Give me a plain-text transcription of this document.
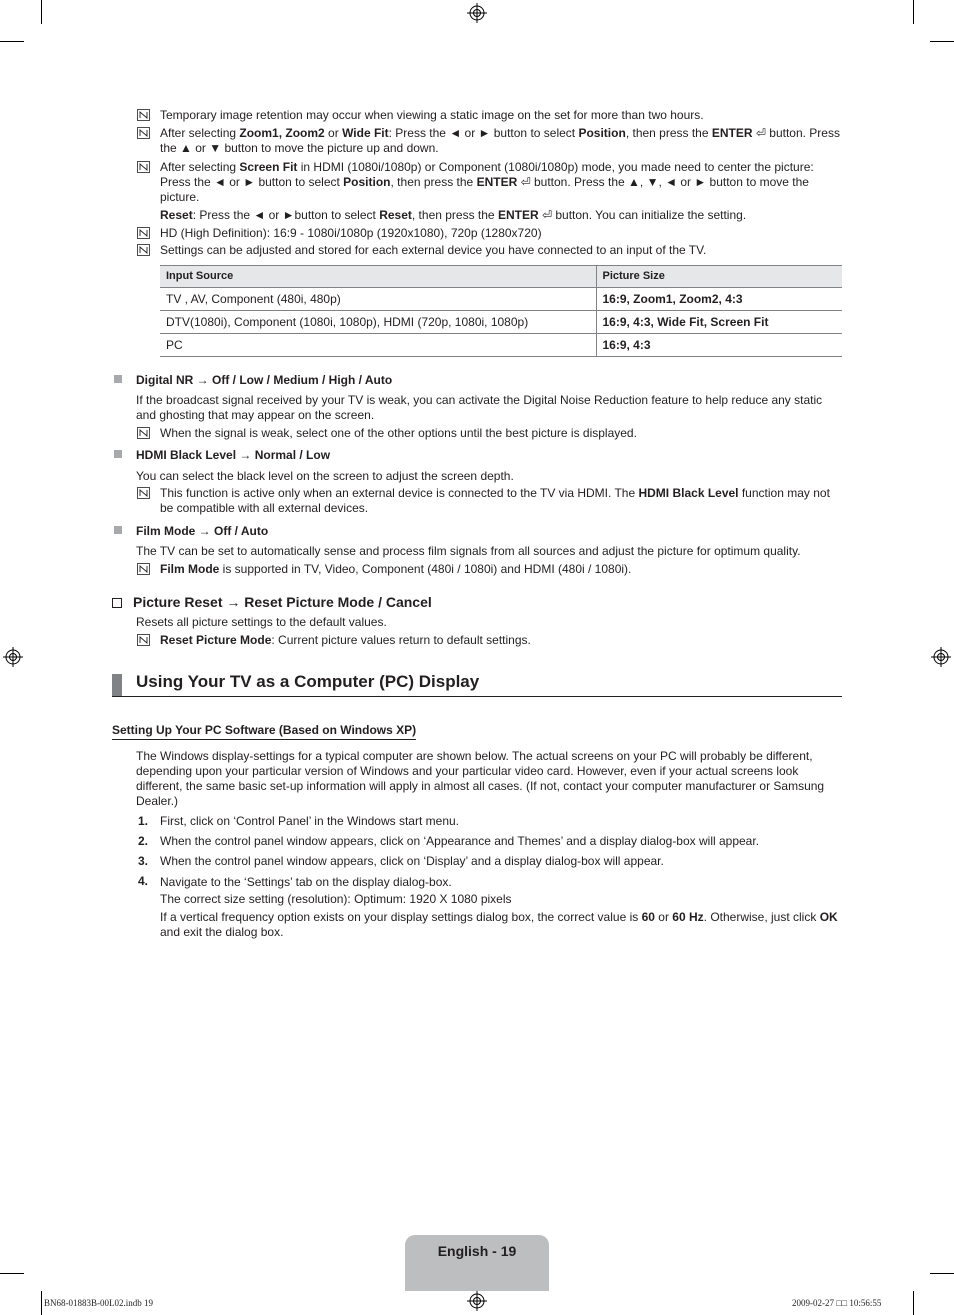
Temporary image retention may occur when viewing a static image on the set for more than two hours.
After selecting Zoom1, Zoom2 or Wide Fit: Press the ◄ or ► button to select Position, then press the ENTER ⏎ button. Press the ▲ or ▼ button to move the picture up and down.
After selecting Screen Fit in HDMI (1080i/1080p) or Component (1080i/1080p) mode, you made need to center the picture: Press the ◄ or ► button to select Position, then press the ENTER ⏎ button. Press the ▲, ▼, ◄ or ► button to move the picture.
Reset: Press the ◄ or ►button to select Reset, then press the ENTER ⏎ button. You can initialize the setting.
HD (High Definition): 16:9 - 1080i/1080p (1920x1080), 720p (1280x720)
Settings can be adjusted and stored for each external device you have connected to an input of the TV.
Input Source	Picture Size
TV , AV, Component (480i, 480p)	16:9, Zoom1, Zoom2, 4:3
DTV(1080i), Component (1080i, 1080p), HDMI (720p, 1080i, 1080p)	16:9, 4:3, Wide Fit, Screen Fit
PC	16:9, 4:3
Digital NR → Off / Low / Medium / High / Auto
If the broadcast signal received by your TV is weak, you can activate the Digital Noise Reduction feature to help reduce any static and ghosting that may appear on the screen.
When the signal is weak, select one of the other options until the best picture is displayed.
HDMI Black Level → Normal / Low
You can select the black level on the screen to adjust the screen depth.
This function is active only when an external device is connected to the TV via HDMI. The HDMI Black Level function may not be compatible with all external devices.
Film Mode → Off / Auto
The TV can be set to automatically sense and process film signals from all sources and adjust the picture for optimum quality.
Film Mode is supported in TV, Video, Component (480i / 1080i) and HDMI (480i / 1080i).
Picture Reset → Reset Picture Mode / Cancel
Resets all picture settings to the default values.
Reset Picture Mode: Current picture values return to default settings.
Using Your TV as a Computer (PC) Display
Setting Up Your PC Software (Based on Windows XP)
The Windows display-settings for a typical computer are shown below. The actual screens on your PC will probably be different, depending upon your particular version of Windows and your particular video card. However, even if your actual screens look different, the same basic set-up information will apply in almost all cases. (If not, contact your computer manufacturer or Samsung Dealer.)
1. First, click on ‘Control Panel’ in the Windows start menu.
2. When the control panel window appears, click on ‘Appearance and Themes’ and a display dialog-box will appear.
3. When the control panel window appears, click on ‘Display’ and a display dialog-box will appear.
4. Navigate to the ‘Settings’ tab on the display dialog-box.
The correct size setting (resolution): Optimum: 1920 X 1080 pixels
If a vertical frequency option exists on your display settings dialog box, the correct value is 60 or 60 Hz. Otherwise, just click OK and exit the dialog box.
English - 19
BN68-01883B-00L02.indb 19	2009-02-27 □□ 10:56:55
